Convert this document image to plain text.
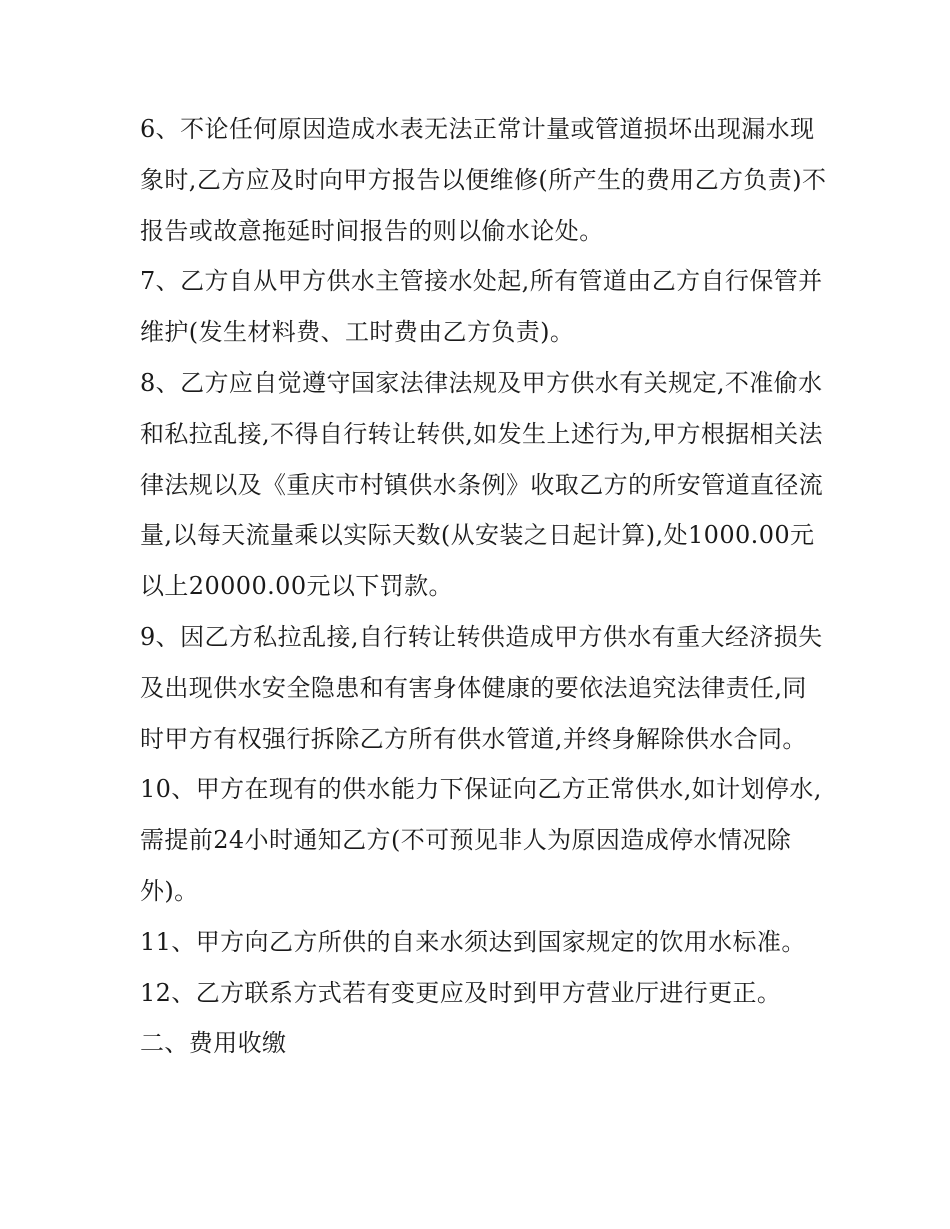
6、不论任何原因造成水表无法正常计量或管道损坏出现漏水现象时,乙方应及时向甲方报告以便维修(所产生的费用乙方负责)不报告或故意拖延时间报告的则以偷水论处。

7、乙方自从甲方供水主管接水处起,所有管道由乙方自行保管并维护(发生材料费、工时费由乙方负责)。

8、乙方应自觉遵守国家法律法规及甲方供水有关规定,不准偷水和私拉乱接,不得自行转让转供,如发生上述行为,甲方根据相关法律法规以及《重庆市村镇供水条例》收取乙方的所安管道直径流量,以每天流量乘以实际天数(从安装之日起计算),处1000.00元以上20000.00元以下罚款。

9、因乙方私拉乱接,自行转让转供造成甲方供水有重大经济损失及出现供水安全隐患和有害身体健康的要依法追究法律责任,同时甲方有权强行拆除乙方所有供水管道,并终身解除供水合同。

10、甲方在现有的供水能力下保证向乙方正常供水,如计划停水,需提前24小时通知乙方(不可预见非人为原因造成停水情况除外)。

11、甲方向乙方所供的自来水须达到国家规定的饮用水标准。

12、乙方联系方式若有变更应及时到甲方营业厅进行更正。

二、费用收缴
